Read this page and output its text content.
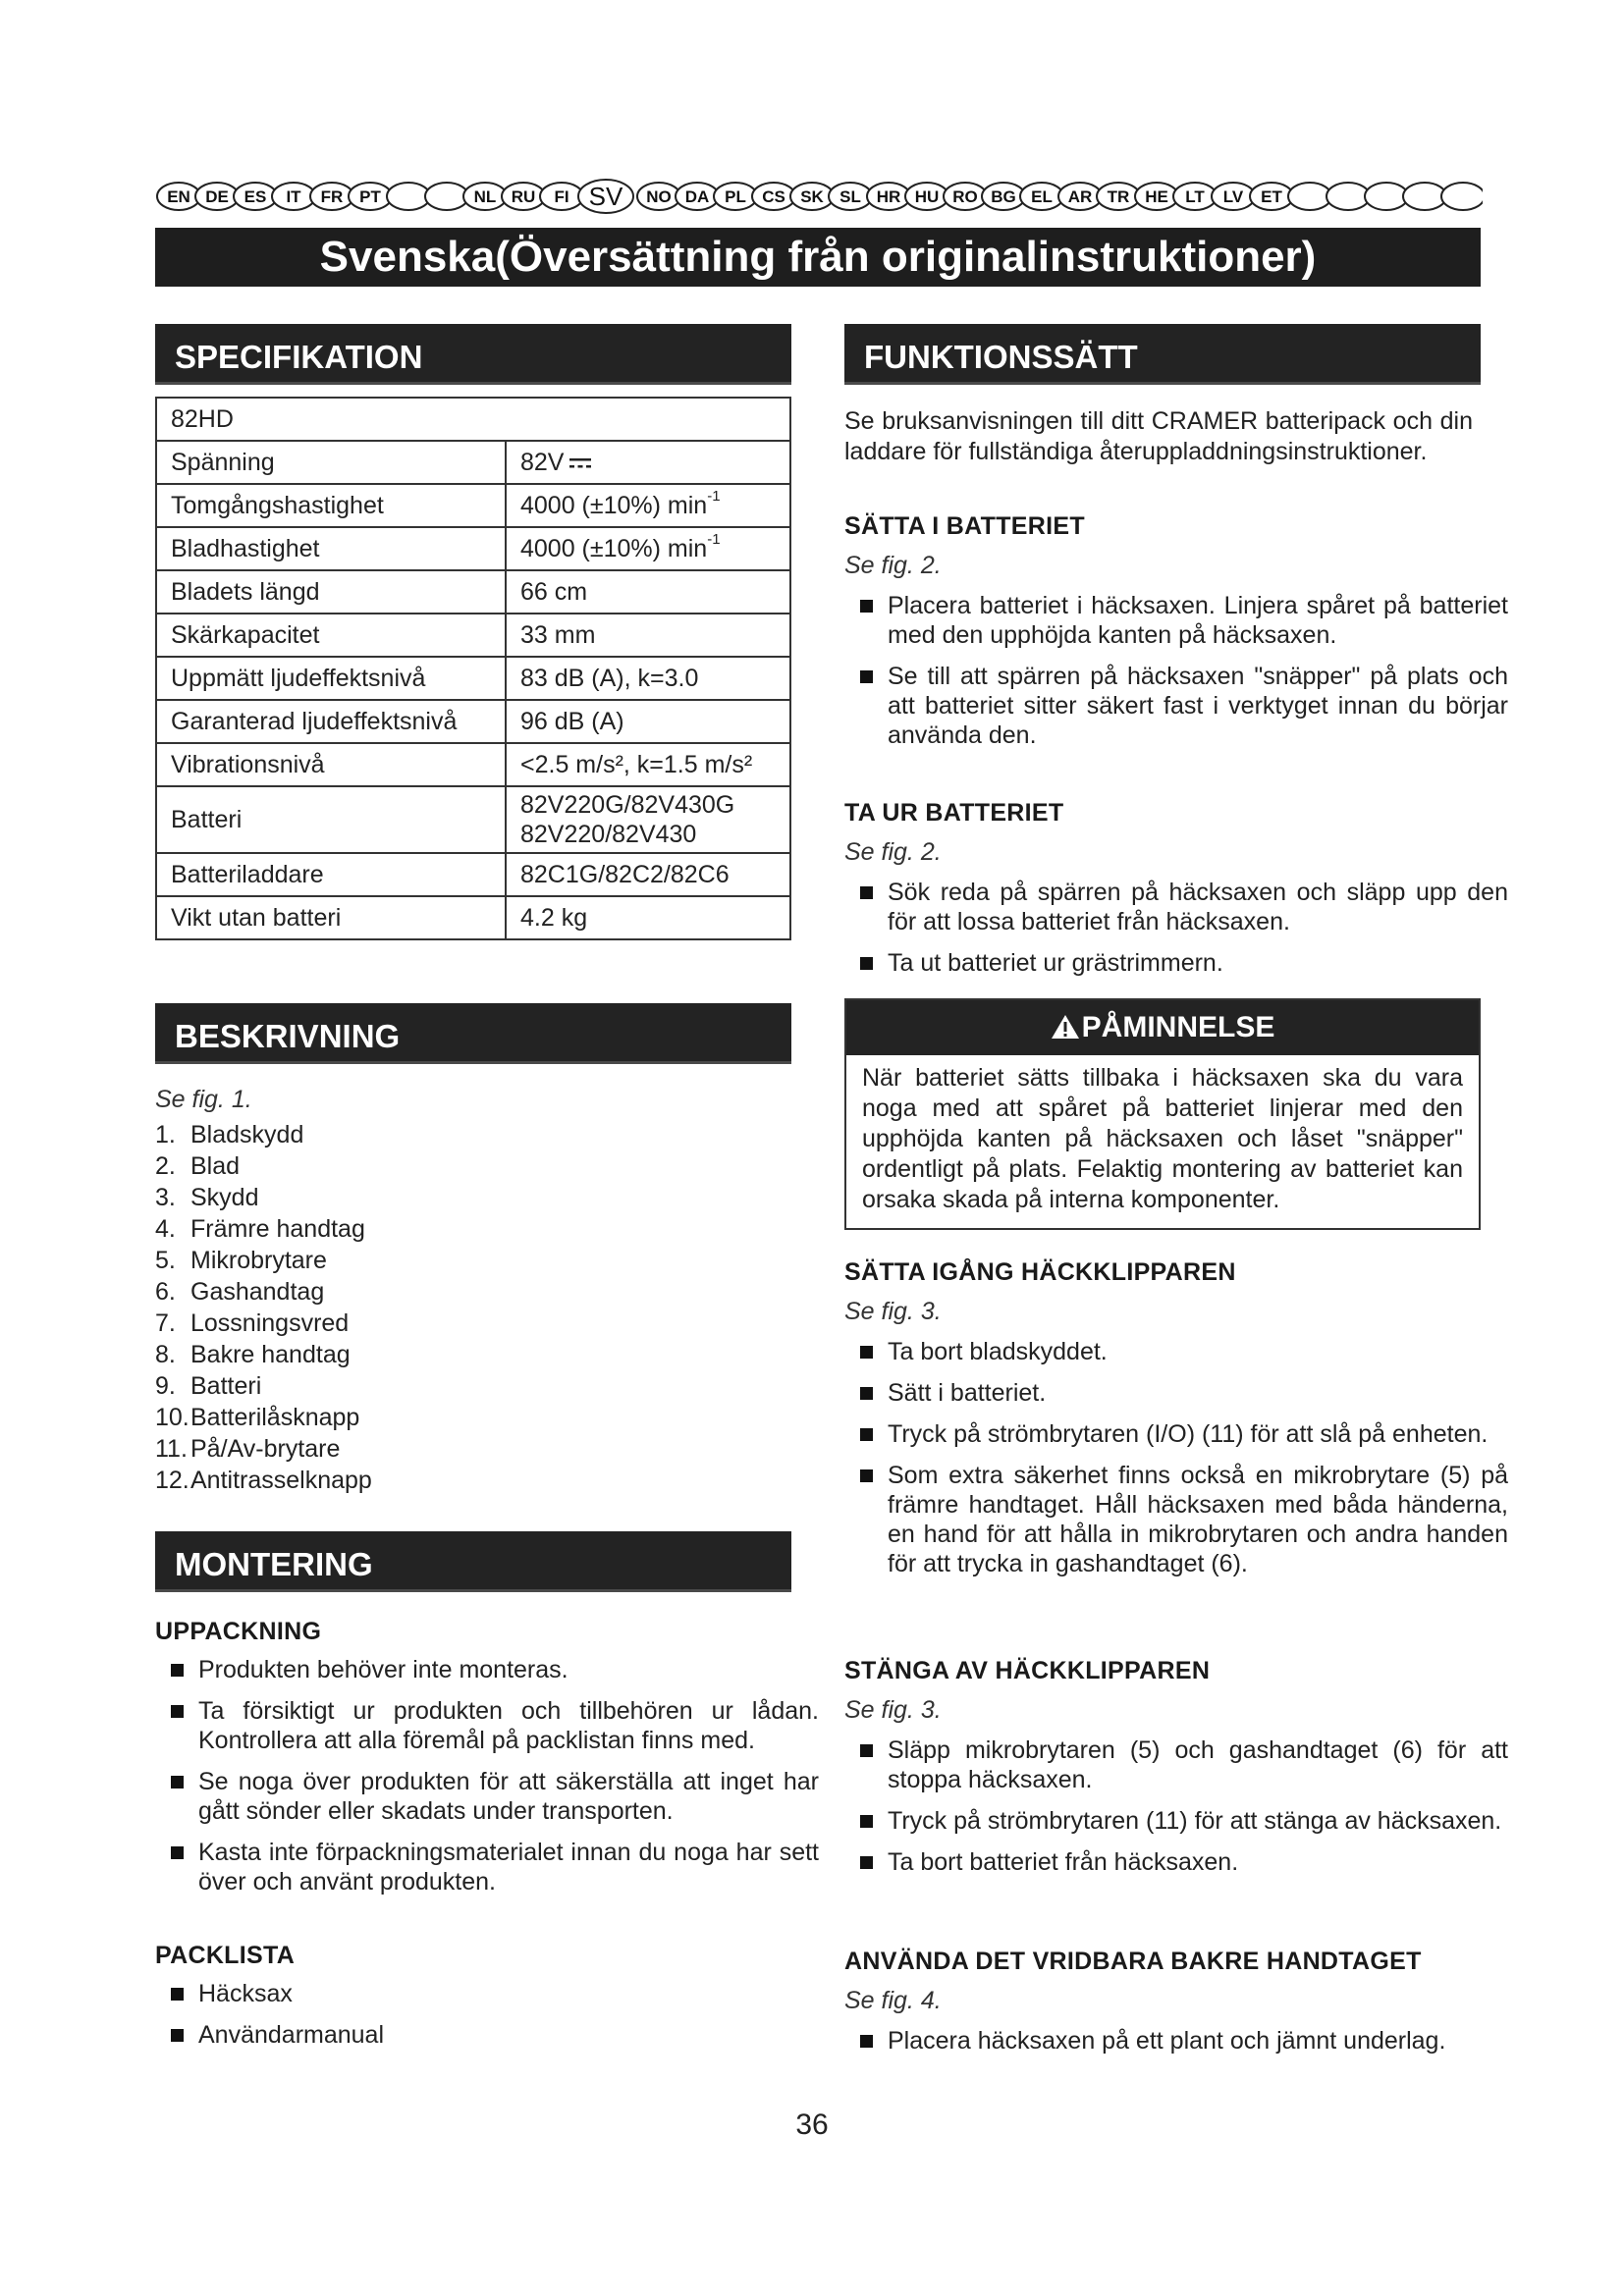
EN DE ES IT FR PT	NL RU FI SV NO DA PL CS SK SL HR HU RO BG EL AR TR HE LT LV ET
Svenska(Översättning från originalinstruktioner)
SPECIFIKATION
82HD	
Spänning	82V
Tomgångshastighet	4000 (±10%) $\min^{-1}$
Bladhastighet	4000 (±10%) $\min^{-1}$
Bladets längd	66 cm
Skärkapacitet	33 mm
Uppmätt ljudeffektsnivå	83 dB (A), k=3.0
Garanterad ljudeffektsnivå	96 dB (A)
Vibrationsnivå	<2.5 m/s², k=1.5 m/s²
Batteri	82V220G/82V430G
82V220/82V430

Batteriladdare	82C1G/82C2/82C6
Vikt utan batteri	4.2 kg
BESKRIVNING
Se fig. 1.
1. Bladskydd
2. Blad
3. Skydd
4. Främre handtag
5. Mikrobrytare
6. Gashandtag
7. Lossningsvred
8. Bakre handtag
9. Batteri
10.Batterilåsknapp
11. På/Av-brytare
12.Antitrasselknapp
MONTERING
UPPACKNING
Produkten behöver inte monteras.
Ta försiktigt ur produkten och tillbehören ur lådan. Kontrollera att alla föremål på packlistan finns med.
Se noga över produkten för att säkerställa att inget har gått sönder eller skadats under transporten.
Kasta inte förpackningsmaterialet innan du noga har sett över och använt produkten.
PACKLISTA
Häcksax
Användarmanual
FUNKTIONSSÄTT
Se bruksanvisningen till ditt CRAMER batteripack och din laddare för fullständiga återuppladdningsinstruktioner.
SÄTTA I BATTERIET
Se fig. 2.
Placera batteriet i häcksaxen. Linjera spåret på batteriet med den upphöjda kanten på häcksaxen.
Se till att spärren på häcksaxen "snäpper" på plats och att batteriet sitter säkert fast i verktyget innan du börjar använda den.
TA UR BATTERIET
Se fig. 2.
Sök reda på spärren på häcksaxen och släpp upp den för att lossa batteriet från häcksaxen.
Ta ut batteriet ur grästrimmern.
PÅMINNELSE
När batteriet sätts tillbaka i häcksaxen ska du vara noga med att spåret på batteriet linjerar med den upphöjda kanten på häcksaxen och låset "snäpper" ordentligt på plats. Felaktig montering av batteriet kan orsaka skada på interna komponenter.
SÄTTA IGÅNG HÄCKKLIPPAREN
Se fig. 3.
Ta bort bladskyddet.
Sätt i batteriet.
Tryck på strömbrytaren (I/O) (11) för att slå på enheten.
Som extra säkerhet finns också en mikrobrytare (5) på främre handtaget. Håll häcksaxen med båda händerna, en hand för att hålla in mikrobrytaren och andra handen för att trycka in gashandtaget (6).
STÄNGA AV HÄCKKLIPPAREN
Se fig. 3.
Släpp mikrobrytaren (5) och gashandtaget (6) för att stoppa häcksaxen.
Tryck på strömbrytaren (11) för att stänga av häcksaxen.
Ta bort batteriet från häcksaxen.
ANVÄNDA DET VRIDBARA BAKRE HANDTAGET
Se fig. 4.
Placera häcksaxen på ett plant och jämnt underlag.
36
